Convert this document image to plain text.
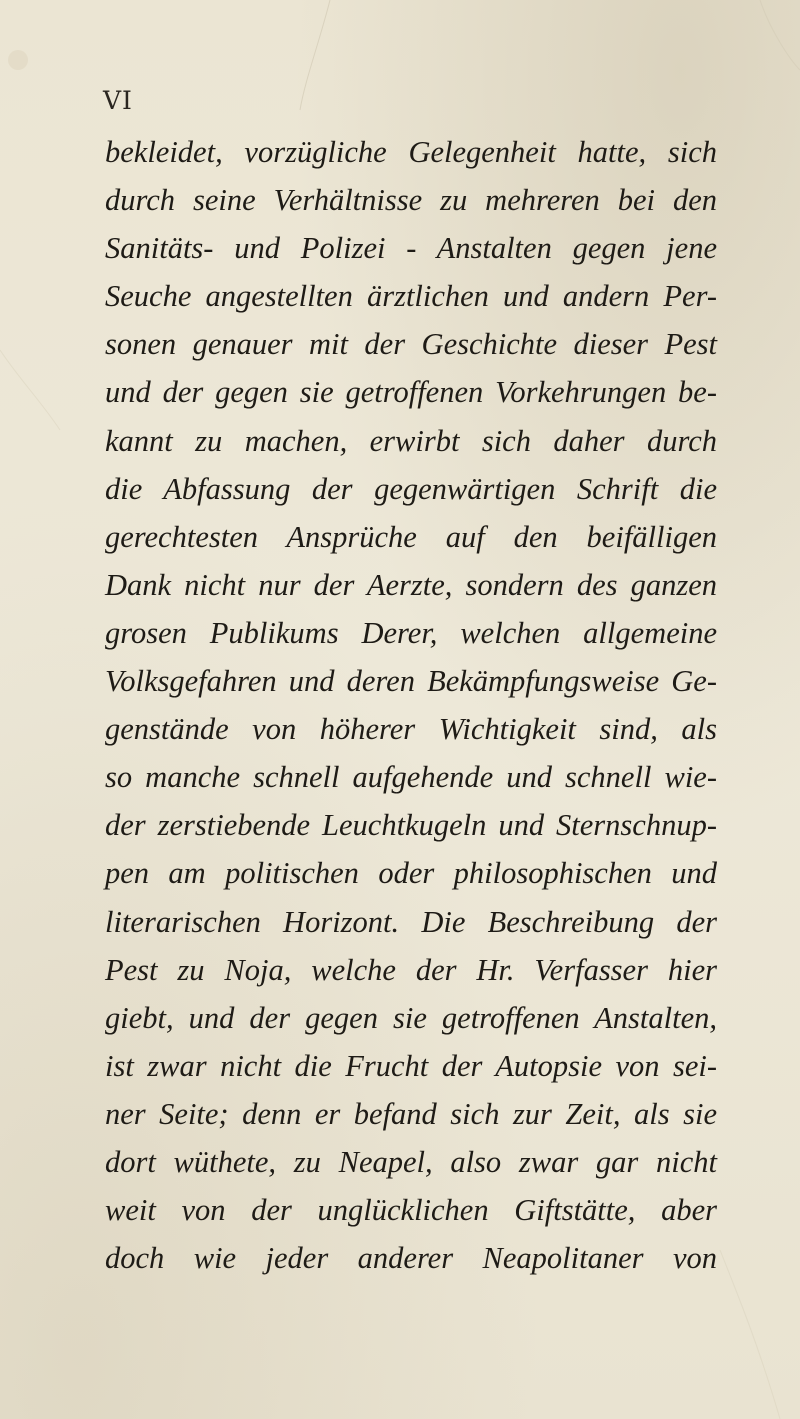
VI
bekleidet, vorzügliche Gelegenheit hatte, sich
durch seine Verhältnisse zu mehreren bei den
Sanitäts- und Polizei - Anstalten gegen jene
Seuche angestellten ärztlichen und andern Per-
sonen genauer mit der Geschichte dieser Pest
und der gegen sie getroffenen Vorkehrungen be-
kannt zu machen, erwirbt sich daher durch
die Abfassung der gegenwärtigen Schrift die
gerechtesten Ansprüche auf den beifälligen
Dank nicht nur der Aerzte, sondern des ganzen
grosen Publikums Derer, welchen allgemeine
Volksgefahren und deren Bekämpfungsweise Ge-
genstände von höherer Wichtigkeit sind, als
so manche schnell aufgehende und schnell wie-
der zerstiebende Leuchtkugeln und Sternschnup-
pen am politischen oder philosophischen und
literarischen Horizont. Die Beschreibung der
Pest zu Noja, welche der Hr. Verfasser hier
giebt, und der gegen sie getroffenen Anstalten,
ist zwar nicht die Frucht der Autopsie von sei-
ner Seite; denn er befand sich zur Zeit, als sie
dort wüthete, zu Neapel, also zwar gar nicht
weit von der unglücklichen Giftstätte, aber
doch wie jeder anderer Neapolitaner von
